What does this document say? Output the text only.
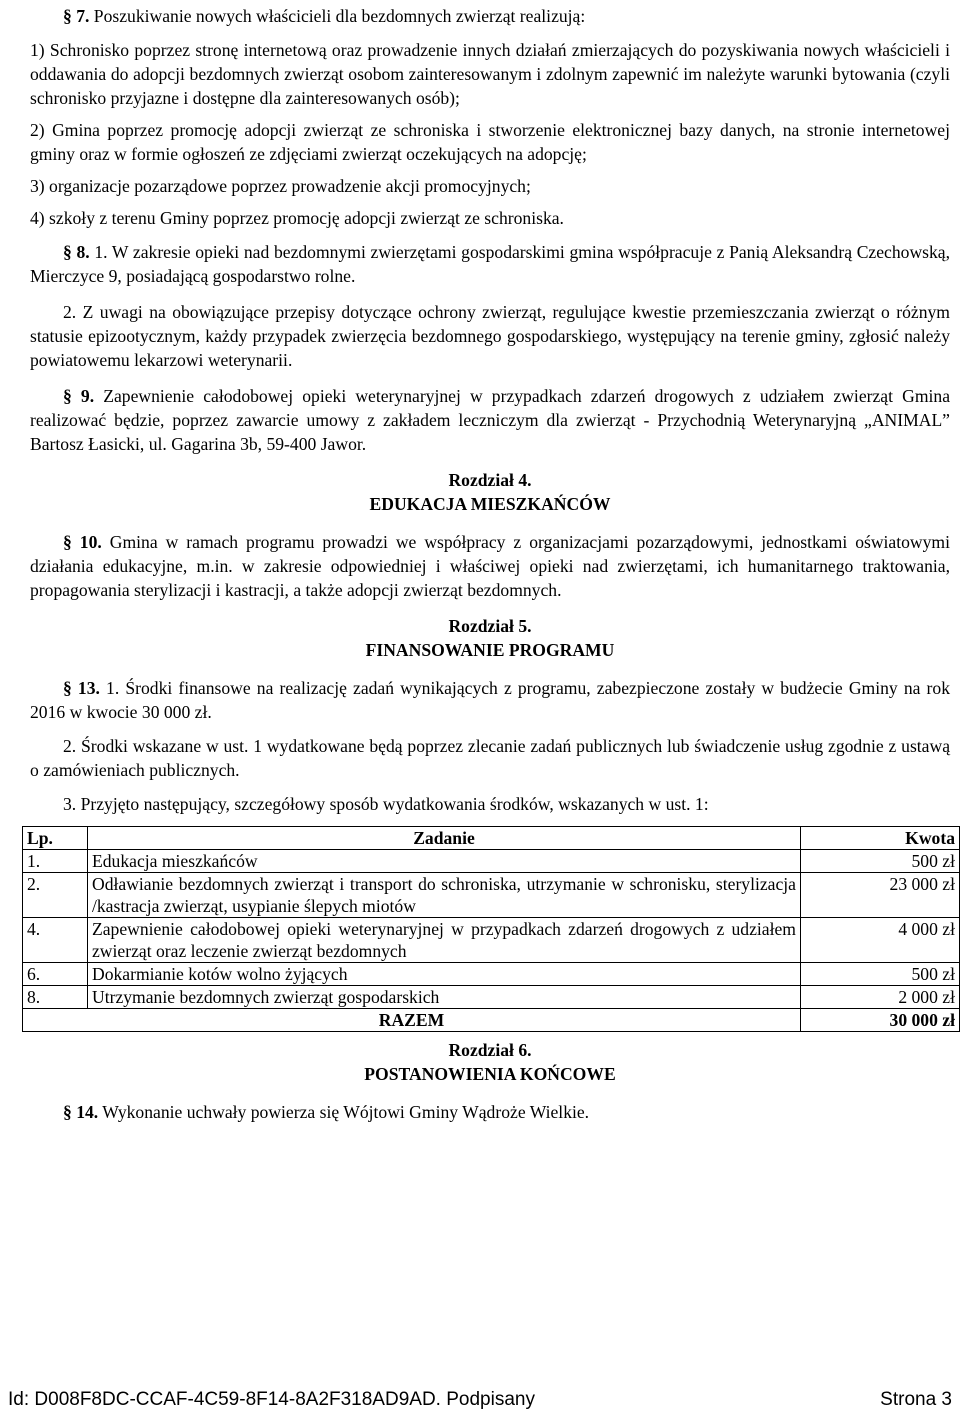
§ 7. Poszukiwanie nowych właścicieli dla bezdomnych zwierząt realizują:

1) Schronisko poprzez stronę internetową oraz prowadzenie innych działań zmierzających do pozyskiwania nowych właścicieli i oddawania do adopcji bezdomnych zwierząt osobom zainteresowanym i zdolnym zapewnić im należyte warunki bytowania (czyli schronisko przyjazne i dostępne dla zainteresowanych osób);

2) Gmina poprzez promocję adopcji zwierząt ze schroniska i stworzenie elektronicznej bazy danych, na stronie internetowej gminy oraz w formie ogłoszeń ze zdjęciami zwierząt oczekujących na adopcję;

3) organizacje pozarządowe poprzez prowadzenie akcji promocyjnych;

4) szkoły z terenu Gminy poprzez promocję adopcji zwierząt ze schroniska.

§ 8. 1. W zakresie opieki nad bezdomnymi zwierzętami gospodarskimi gmina współpracuje z Panią Aleksandrą Czechowską, Mierczyce 9, posiadającą gospodarstwo rolne.

2. Z uwagi na obowiązujące przepisy dotyczące ochrony zwierząt, regulujące kwestie przemieszczania zwierząt o różnym statusie epizootycznym, każdy przypadek zwierzęcia bezdomnego gospodarskiego, występujący na terenie gminy, zgłosić należy powiatowemu lekarzowi weterynarii.

§ 9. Zapewnienie całodobowej opieki weterynaryjnej w przypadkach zdarzeń drogowych z udziałem zwierząt Gmina realizować będzie, poprzez zawarcie umowy z zakładem leczniczym dla zwierząt - Przychodnią Weterynaryjną „ANIMAL” Bartosz Łasicki, ul. Gagarina 3b, 59-400 Jawor.

Rozdział 4.

EDUKACJA MIESZKAŃCÓW

§ 10. Gmina w ramach programu prowadzi we współpracy z organizacjami pozarządowymi, jednostkami oświatowymi działania edukacyjne, m.in. w zakresie odpowiedniej i właściwej opieki nad zwierzętami, ich humanitarnego traktowania, propagowania sterylizacji i kastracji, a także adopcji zwierząt bezdomnych.

Rozdział 5.

FINANSOWANIE PROGRAMU

§ 13. 1. Środki finansowe na realizację zadań wynikających z programu, zabezpieczone zostały w budżecie Gminy na rok 2016 w kwocie 30 000 zł.

2. Środki wskazane w ust. 1 wydatkowane będą poprzez zlecanie zadań publicznych lub świadczenie usług zgodnie z ustawą o zamówieniach publicznych.

3. Przyjęto następujący, szczegółowy sposób wydatkowania środków, wskazanych w ust. 1:

Lp.	Zadanie	Kwota
1.	Edukacja mieszkańców	500 zł
2.	Odławianie bezdomnych zwierząt i transport do schroniska, utrzymanie w schronisku, sterylizacja /kastracja zwierząt, usypianie ślepych miotów	23 000 zł
4.	Zapewnienie całodobowej opieki weterynaryjnej w przypadkach zdarzeń drogowych z udziałem zwierząt oraz leczenie zwierząt bezdomnych	4 000 zł
6.	Dokarmianie kotów wolno żyjących	500 zł
8.	Utrzymanie bezdomnych zwierząt gospodarskich	2 000 zł
RAZEM		30 000 zł

Rozdział 6.

POSTANOWIENIA KOŃCOWE

§ 14. Wykonanie uchwały powierza się Wójtowi Gminy Wądroże Wielkie.

Id: D008F8DC-CCAF-4C59-8F14-8A2F318AD9AD. Podpisany	Strona 3
